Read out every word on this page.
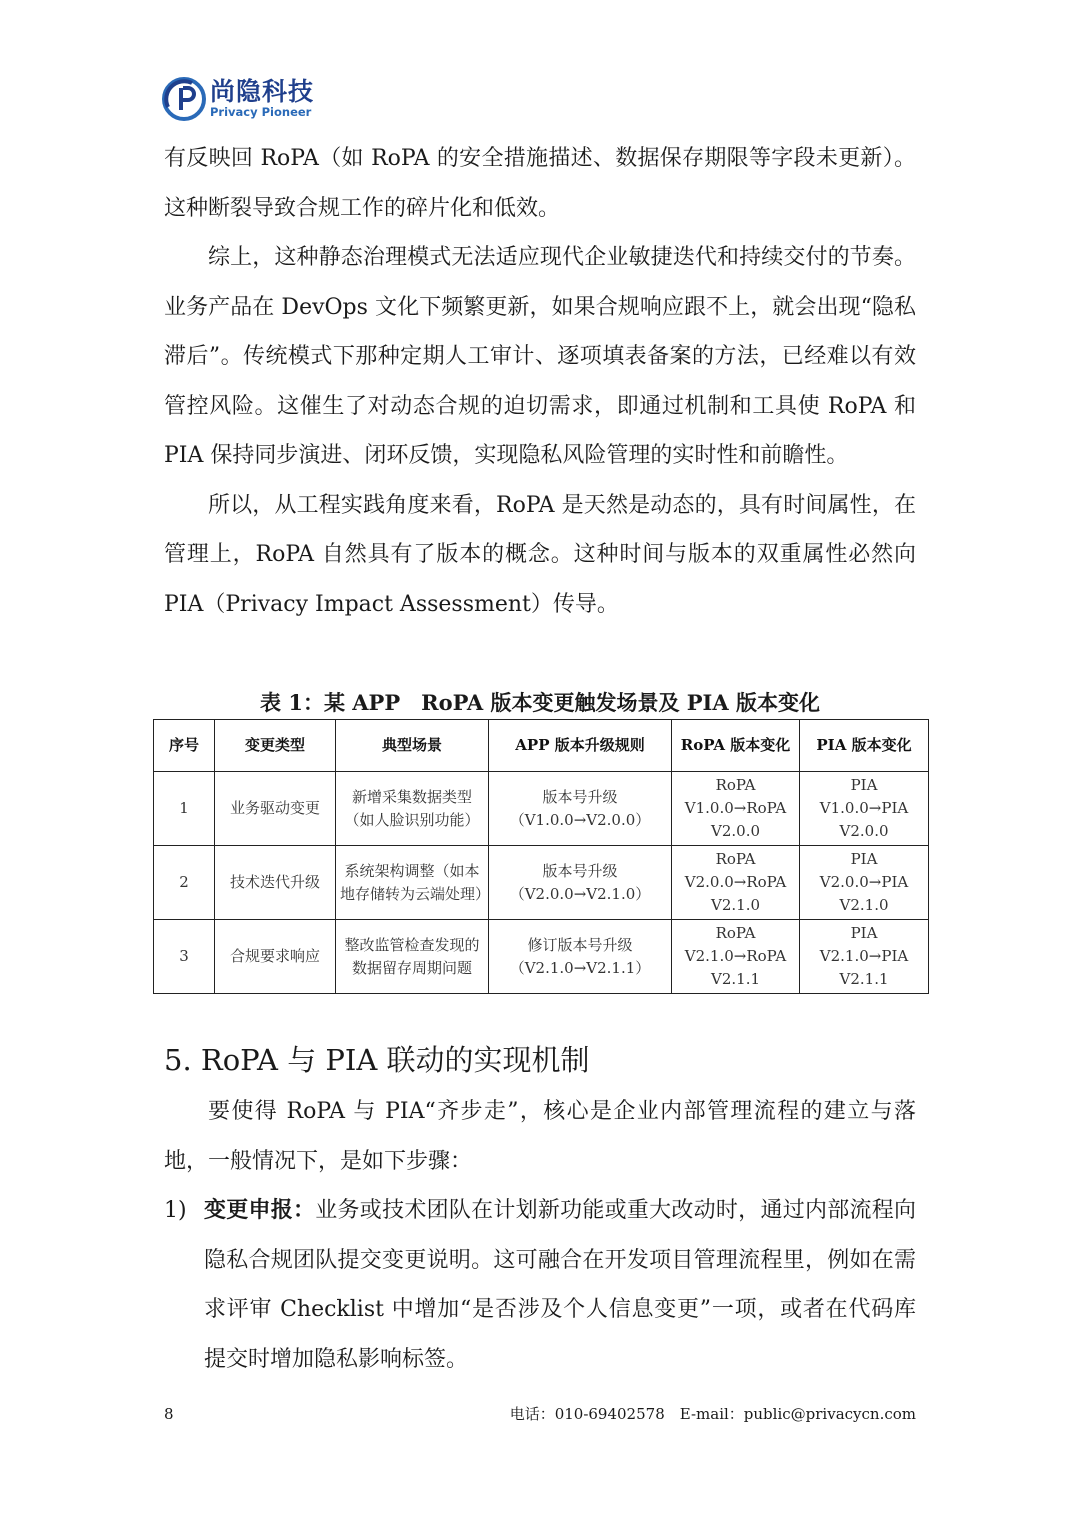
尚隐科技
Privacy Pioneer

有反映回 RoPA（如 RoPA 的安全措施描述、数据保存期限等字段未更新）。这种断裂导致合规工作的碎片化和低效。

综上，这种静态治理模式无法适应现代企业敏捷迭代和持续交付的节奏。业务产品在 DevOps 文化下频繁更新，如果合规响应跟不上，就会出现“隐私滞后”。传统模式下那种定期人工审计、逐项填表备案的方法，已经难以有效管控风险。这催生了对动态合规的迫切需求，即通过机制和工具使 RoPA 和 PIA 保持同步演进、闭环反馈，实现隐私风险管理的实时性和前瞻性。

所以，从工程实践角度来看，RoPA 是天然是动态的，具有时间属性，在管理上，RoPA 自然具有了版本的概念。这种时间与版本的双重属性必然向 PIA（Privacy Impact Assessment）传导。

表 1：某 APP　RoPA 版本变更触发场景及 PIA 版本变化
序号	变更类型	典型场景	APP 版本升级规则	RoPA 版本变化	PIA 版本变化
1	业务驱动变更	新增采集数据类型（如人脸识别功能）	版本号升级（V1.0.0→V2.0.0）	RoPA V1.0.0→RoPA V2.0.0	PIA V1.0.0→PIA V2.0.0
2	技术迭代升级	系统架构调整（如本地存储转为云端处理）	版本号升级（V2.0.0→V2.1.0）	RoPA V2.0.0→RoPA V2.1.0	PIA V2.0.0→PIA V2.1.0
3	合规要求响应	整改监管检查发现的数据留存周期问题	修订版本号升级（V2.1.0→V2.1.1）	RoPA V2.1.0→RoPA V2.1.1	PIA V2.1.0→PIA V2.1.1
5. RoPA 与 PIA 联动的实现机制

要使得 RoPA 与 PIA“齐步走”，核心是企业内部管理流程的建立与落地，一般情况下，是如下步骤：

1) 变更申报：业务或技术团队在计划新功能或重大改动时，通过内部流程向隐私合规团队提交变更说明。这可融合在开发项目管理流程里，例如在需求评审 Checklist 中增加“是否涉及个人信息变更”一项，或者在代码库提交时增加隐私影响标签。
8	电话：010-69402578　E-mail：public@privacycn.com
